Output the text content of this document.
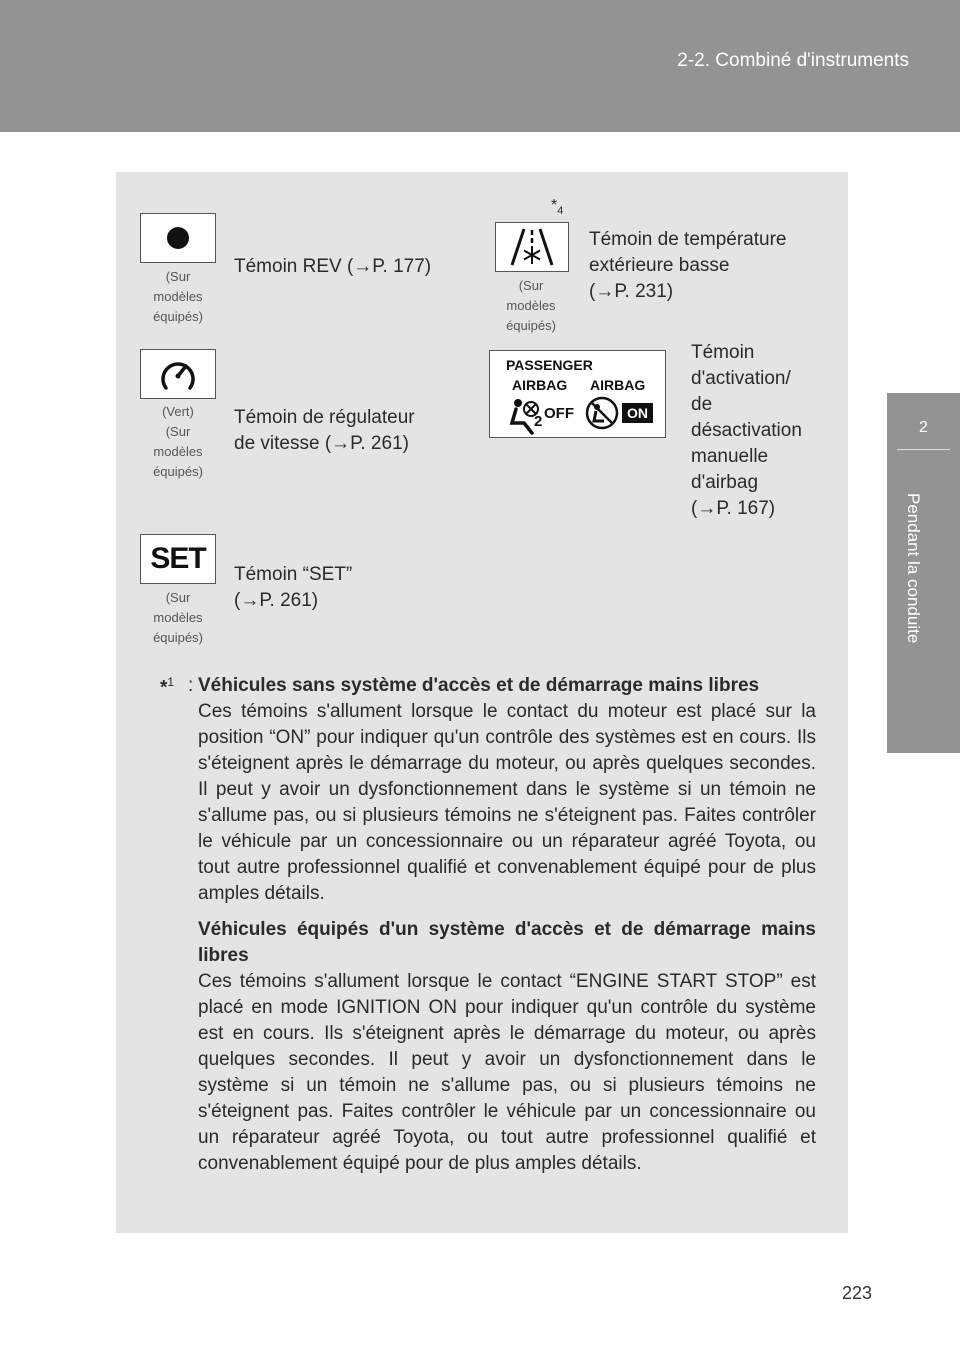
2-2. Combiné d'instruments
2
Pendant la conduite
(Sur
modèles
équipés)
Témoin REV (→P. 177)
$*_4$
(Sur
modèles
équipés)
Témoin de température
extérieure basse
(→P. 231)
(Vert)
(Sur
modèles
équipés)
Témoin de régulateur
de vitesse (→P. 261)
PASSENGER
AIRBAG AIRBAG
2 OFF	ON
Témoin
d'activation/
de
désactivation
manuelle
d'airbag
(→P. 167)
SET
(Sur
modèles
équipés)
Témoin “SET”
(→P. 261)
*$^1$ : Véhicules sans système d'accès et de démarrage mains libres

Ces témoins s'allument lorsque le contact du moteur est placé sur la position “ON” pour indiquer qu'un contrôle des systèmes est en cours. Ils s'éteignent après le démarrage du moteur, ou après quelques secondes. Il peut y avoir un dysfonctionnement dans le système si un témoin ne s'allume pas, ou si plusieurs témoins ne s'éteignent pas. Faites contrôler le véhicule par un concessionnaire ou un réparateur agréé Toyota, ou tout autre professionnel qualifié et convenablement équipé pour de plus amples détails.

Véhicules équipés d'un système d'accès et de démarrage mains libres

Ces témoins s'allument lorsque le contact “ENGINE START STOP” est placé en mode IGNITION ON pour indiquer qu'un contrôle du système est en cours. Ils s'éteignent après le démarrage du moteur, ou après quelques secondes. Il peut y avoir un dysfonctionnement dans le système si un témoin ne s'allume pas, ou si plusieurs témoins ne s'éteignent pas. Faites contrôler le véhicule par un concessionnaire ou un réparateur agréé Toyota, ou tout autre professionnel qualifié et convenablement équipé pour de plus amples détails.
223
